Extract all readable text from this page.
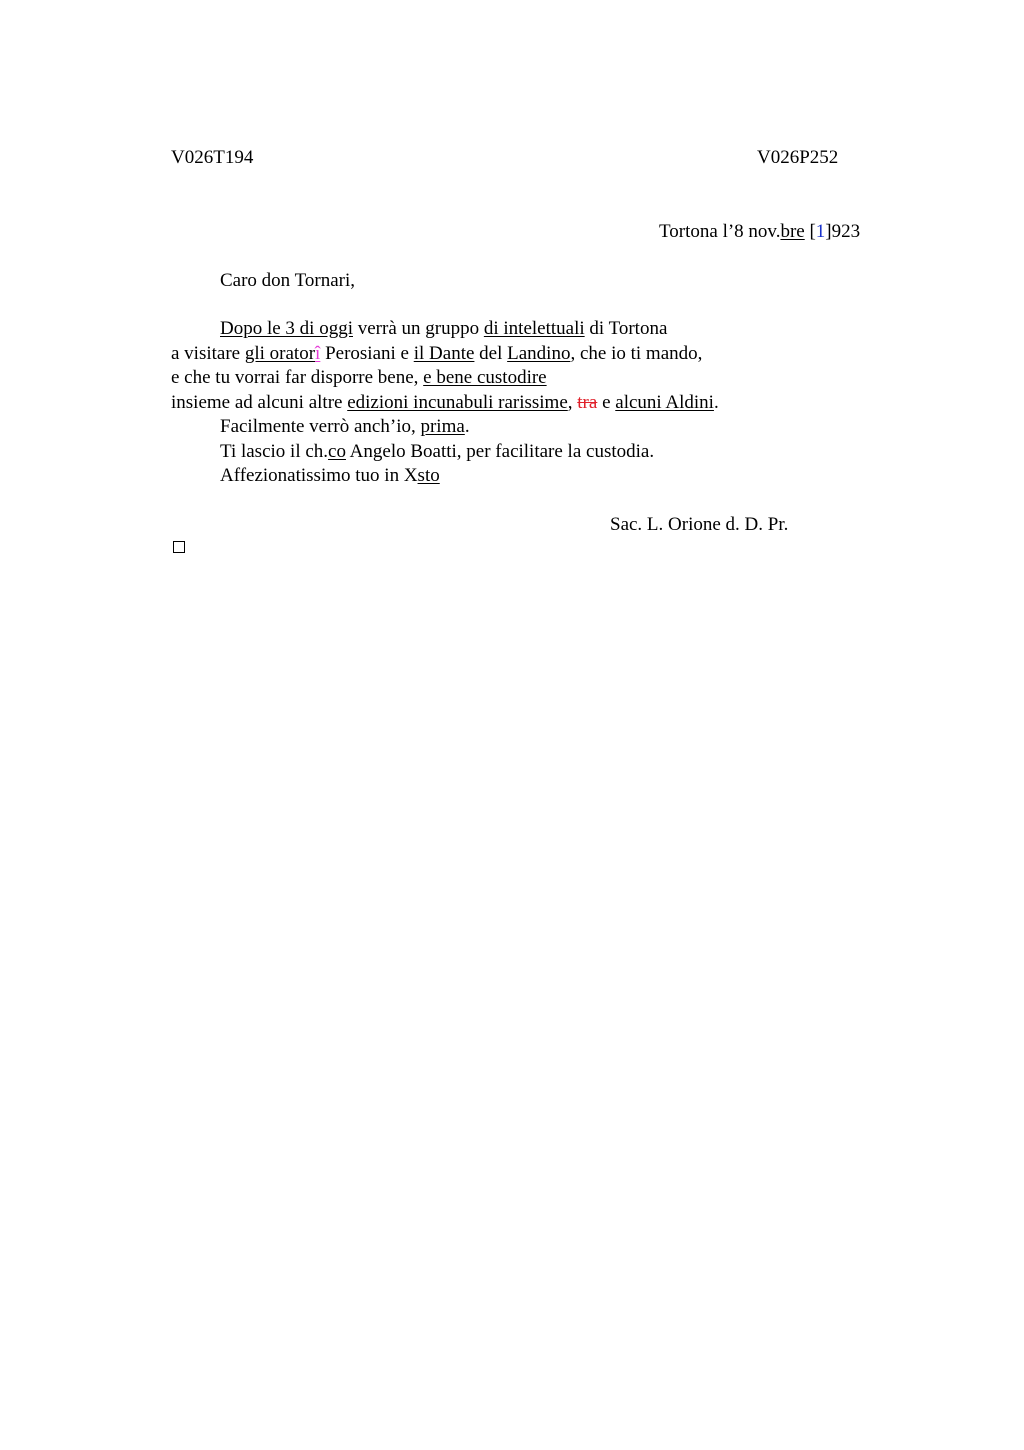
V026T194	V026P252
Tortona l’8 nov.bre [1]923
Caro don Tornari,
Dopo le 3 di oggi verrà un gruppo di intelettuali di Tortona
a visitare gli oratorî Perosiani e il Dante del Landino, che io ti mando,
e che tu vorrai far disporre bene, e bene custodire
insieme ad alcuni altre edizioni incunabuli rarissime, tra e alcuni Aldini.
Facilmente verrò anch’io, prima.
Ti lascio il ch.co Angelo Boatti, per facilitare la custodia.
Affezionatissimo tuo in Xsto
Sac. L. Orione d. D. Pr.
